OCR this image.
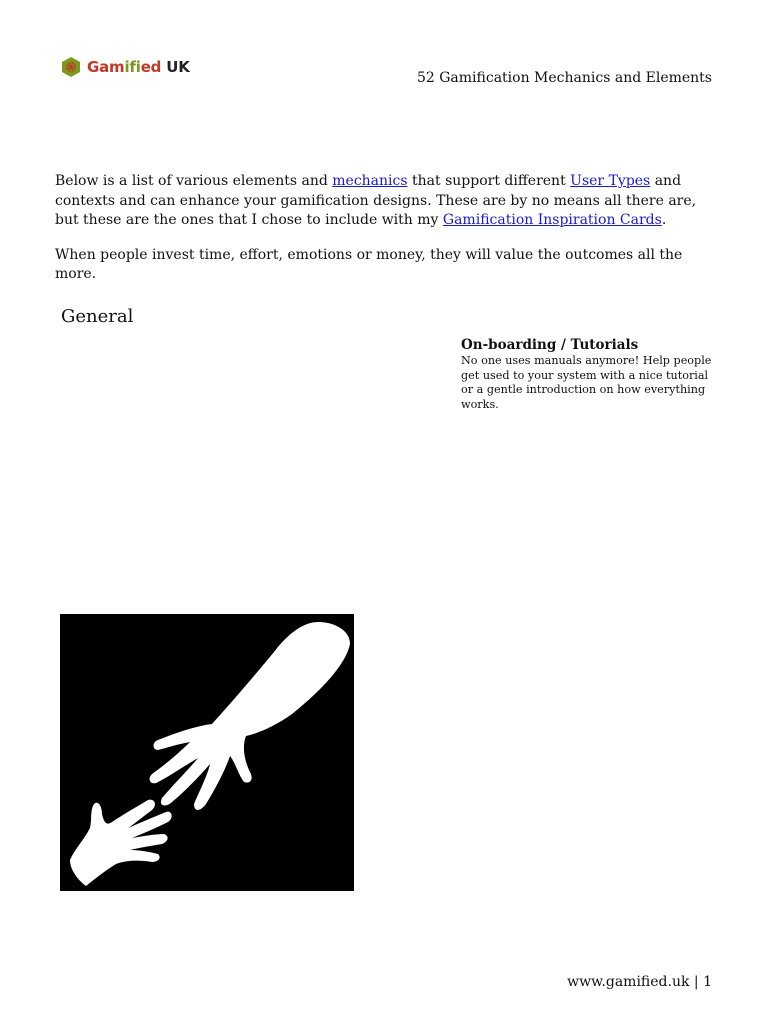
Gamified UK
52 Gamification Mechanics and Elements

Below is a list of various elements and mechanics that support different User Types and contexts and can enhance your gamification designs. These are by no means all there are, but these are the ones that I chose to include with my Gamification Inspiration Cards.

When people invest time, effort, emotions or money, they will value the outcomes all the more.

General
On-boarding / Tutorials
No one uses manuals anymore! Help people get used to your system with a nice tutorial or a gentle introduction on how everything works.
www.gamified.uk | 1
